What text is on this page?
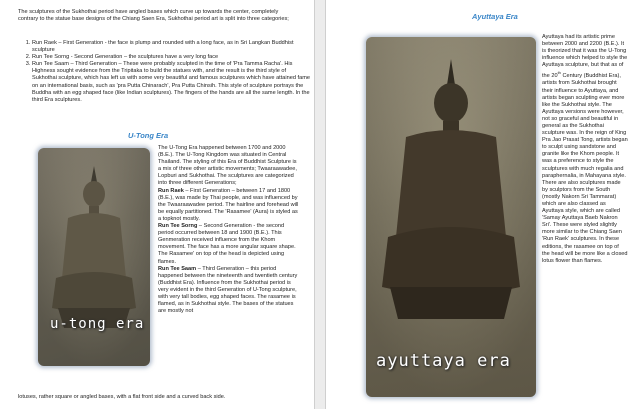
The sculptures of the Sukhothai period have angled bases which curve up towards the center, completely contrary to the statue base designs of the Chiang Saen Era, Sukhothai period art is split into three categories;

1. Run Raek – First Generation - the face is plump and rounded with a long face, as in Sri Langkan Buddhist sculpture
2. Run Tee Sorng - Second Generation – the sculptures have a very long face
3. Run Tee Saam – Third Generation – These were probably sculpted in the time of 'Pra Tamma Racha'. His Highness sought evidence from the Tripitaka to build the statues with, and the result is the third style of Sukhothai sculpture, which has left us with some very beautiful and famous sculptures which have attained fame on an international basis, such as 'pra Putta Chinarach', Pra Putta Chinsih. This style of sculpture portrays the Buddha with an egg shaped face (like Indian sculptures). The fingers of the hands are all the same length. In the third Era sculptures.
U-Tong Era
u-tong era
The U-Tong Era happened between 1700 and 2000 (B.E.). The U-Tong Kingdom was situated in Central Thailand. The styling of this Era of Buddhist Sculpture is a mix of three other artistic movements; Twaaraawadee, Lopburi and Sukhothai. The sculptures are categorized into three different Generations;
Run Raek – First Generation – between 17 and 1800 (B.E.), was made by Thai people, and was influenced by the Twaaraawadee period. The hairline and forehead will be equally partitioned. The 'Rasamee' (Aura) is styled as a topknot mostly.
Run Tee Sorng – Second Generation - the second period occurred between 18 and 1900 (B.E.). This Genmeration received influence from the Khom movement. The face has a more angular square shape. The Rasamee' on top of the head is depicted using flames.
Run Tee Saam – Third Generation – this period happened between the nineteenth and twentieth century (Buddhist Era). Influence from the Sukhothai period is very evident in the third Generation of U-Tong sculpture, with very tall bodies, egg shaped faces. The rasamee is flamed, as in Sukhothai style. The bases of the statues are mostly not
lotuses, rather square or angled bases, with a flat front side and a curved back side.
Ayuttaya Era
ayuttaya era
Ayuttaya had its artistic prime between 2000 and 2200 (B.E.). It is theorized that it was the U-Tong influence which helped to style the Ayuttaya sculpture, but that as of the 20th Century (Buddhist Era), artists from Sukhothai brought their influence to Ayuttaya, and artists began sculpting ever more like the Sukhothai style. The Ayuttaya versions were however, not so graceful and beautiful in general as the Sukhothai sculpture was. In the reign of King Pra Jao Prasat Tong, artists began to sculpt using sandstone and granite like the Khom people. It was a preference to style the sculptures with much regalia and paraphernalia, in Mahayana style. There are also sculptures made by sculptors from the South (mostly Nakorn Sri Tammarat) which are also classed as Ayuttaya style, which are called 'Samay Ayuttaya Baeb Nakron Sri'. These were styled slightly more similar to the Chiang Saen 'Run Raek' sculptures. In these editions, the rasamee on top of the head will be more like a closed lotus flower than flames.
